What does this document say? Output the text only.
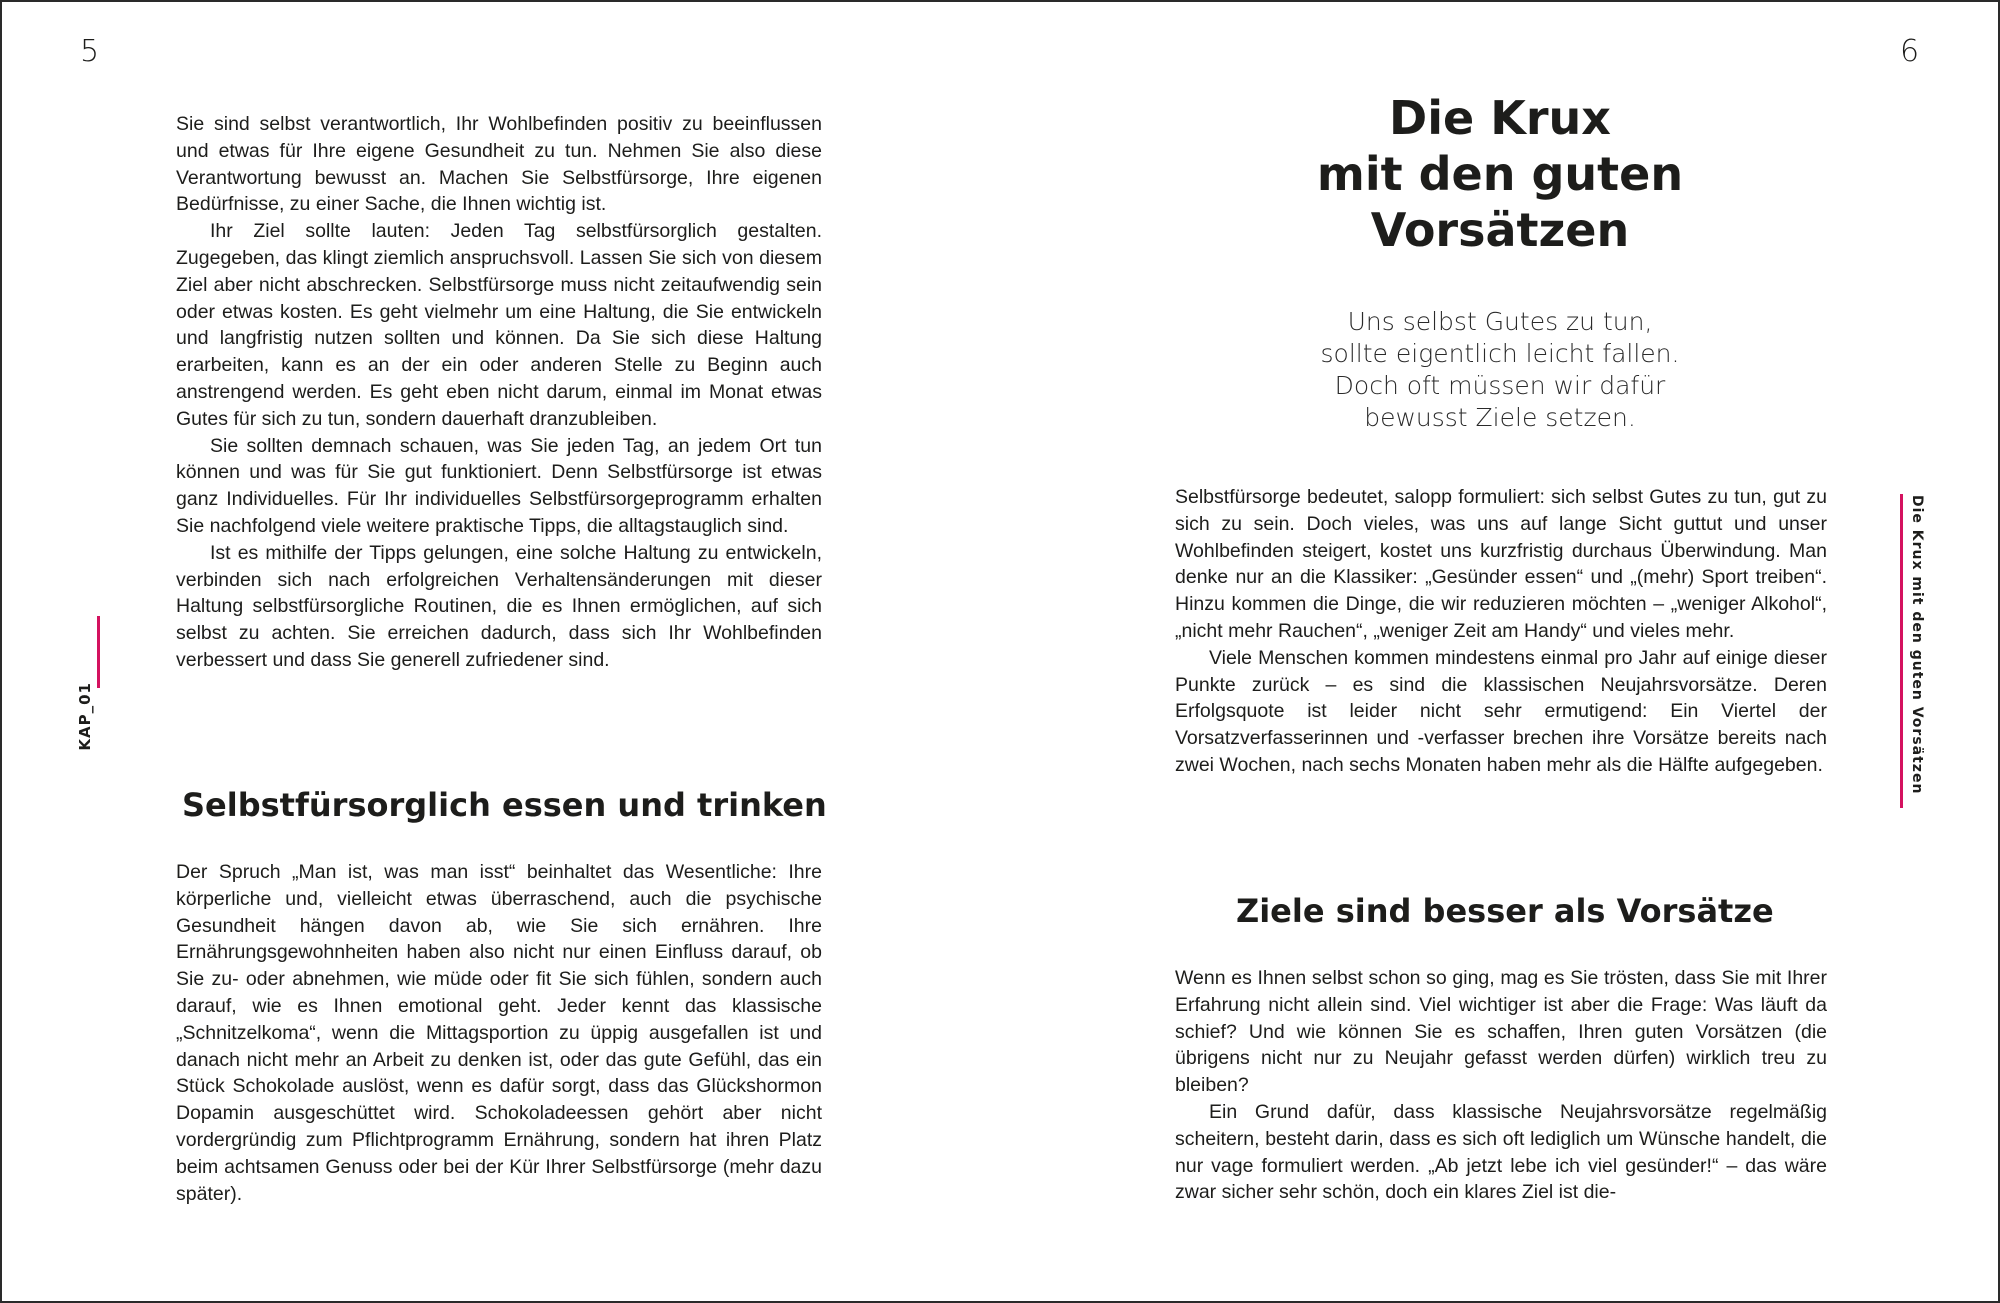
5	6
KAP_01

Sie sind selbst verantwortlich, Ihr Wohlbefinden positiv zu beeinflussen und etwas für Ihre eigene Gesundheit zu tun. Nehmen Sie also diese Verantwortung bewusst an. Machen Sie Selbstfürsorge, Ihre eigenen Bedürfnisse, zu einer Sache, die Ihnen wichtig ist.

Ihr Ziel sollte lauten: Jeden Tag selbstfürsorglich gestalten. Zugegeben, das klingt ziemlich anspruchsvoll. Lassen Sie sich von diesem Ziel aber nicht abschrecken. Selbstfürsorge muss nicht zeitaufwendig sein oder etwas kosten. Es geht vielmehr um eine Haltung, die Sie entwickeln und langfristig nutzen sollten und können. Da Sie sich diese Haltung erarbeiten, kann es an der ein oder anderen Stelle zu Beginn auch anstrengend werden. Es geht eben nicht darum, einmal im Monat etwas Gutes für sich zu tun, sondern dauerhaft dranzubleiben.

Sie sollten demnach schauen, was Sie jeden Tag, an jedem Ort tun können und was für Sie gut funktioniert. Denn Selbstfürsorge ist etwas ganz Individuelles. Für Ihr individuelles Selbstfürsorgeprogramm erhalten Sie nachfolgend viele weitere praktische Tipps, die alltagstauglich sind.

Ist es mithilfe der Tipps gelungen, eine solche Haltung zu entwickeln, verbinden sich nach erfolgreichen Verhaltensänderungen mit dieser Haltung selbstfürsorgliche Routinen, die es Ihnen ermöglichen, auf sich selbst zu achten. Sie erreichen dadurch, dass sich Ihr Wohlbefinden verbessert und dass Sie generell zufriedener sind.

Selbstfürsorglich essen und trinken

Der Spruch „Man ist, was man isst“ beinhaltet das Wesentliche: Ihre körperliche und, vielleicht etwas überraschend, auch die psychische Gesundheit hängen davon ab, wie Sie sich ernähren. Ihre Ernährungsgewohnheiten haben also nicht nur einen Einfluss darauf, ob Sie zu- oder abnehmen, wie müde oder fit Sie sich fühlen, sondern auch darauf, wie es Ihnen emotional geht. Jeder kennt das klassische „Schnitzelkoma“, wenn die Mittagsportion zu üppig ausgefallen ist und danach nicht mehr an Arbeit zu denken ist, oder das gute Gefühl, das ein Stück Schokolade auslöst, wenn es dafür sorgt, dass das Glückshormon Dopamin ausgeschüttet wird. Schokoladeessen gehört aber nicht vordergründig zum Pflichtprogramm Ernährung, sondern hat ihren Platz beim achtsamen Genuss oder bei der Kür Ihrer Selbstfürsorge (mehr dazu später).

Die Krux
mit den guten
Vorsätzen
Uns selbst Gutes zu tun,
sollte eigentlich leicht fallen.
Doch oft müssen wir dafür
bewusst Ziele setzen.

Selbstfürsorge bedeutet, salopp formuliert: sich selbst Gutes zu tun, gut zu sich zu sein. Doch vieles, was uns auf lange Sicht guttut und unser Wohlbefinden steigert, kostet uns kurzfristig durchaus Überwindung. Man denke nur an die Klassiker: „Gesünder essen“ und „(mehr) Sport treiben“. Hinzu kommen die Dinge, die wir reduzieren möchten – „weniger Alkohol“, „nicht mehr Rauchen“, „weniger Zeit am Handy“ und vieles mehr.

Viele Menschen kommen mindestens einmal pro Jahr auf einige dieser Punkte zurück – es sind die klassischen Neujahrsvorsätze. Deren Erfolgsquote ist leider nicht sehr ermutigend: Ein Viertel der Vorsatzverfasserinnen und -verfasser brechen ihre Vorsätze bereits nach zwei Wochen, nach sechs Monaten haben mehr als die Hälfte aufgegeben.

Ziele sind besser als Vorsätze

Wenn es Ihnen selbst schon so ging, mag es Sie trösten, dass Sie mit Ihrer Erfahrung nicht allein sind. Viel wichtiger ist aber die Frage: Was läuft da schief? Und wie können Sie es schaffen, Ihren guten Vorsätzen (die übrigens nicht nur zu Neujahr gefasst werden dürfen) wirklich treu zu bleiben?

Ein Grund dafür, dass klassische Neujahrsvorsätze regelmäßig scheitern, besteht darin, dass es sich oft lediglich um Wünsche handelt, die nur vage formuliert werden. „Ab jetzt lebe ich viel gesünder!“ – das wäre zwar sicher sehr schön, doch ein klares Ziel ist die-

Die Krux mit den guten Vorsätzen
